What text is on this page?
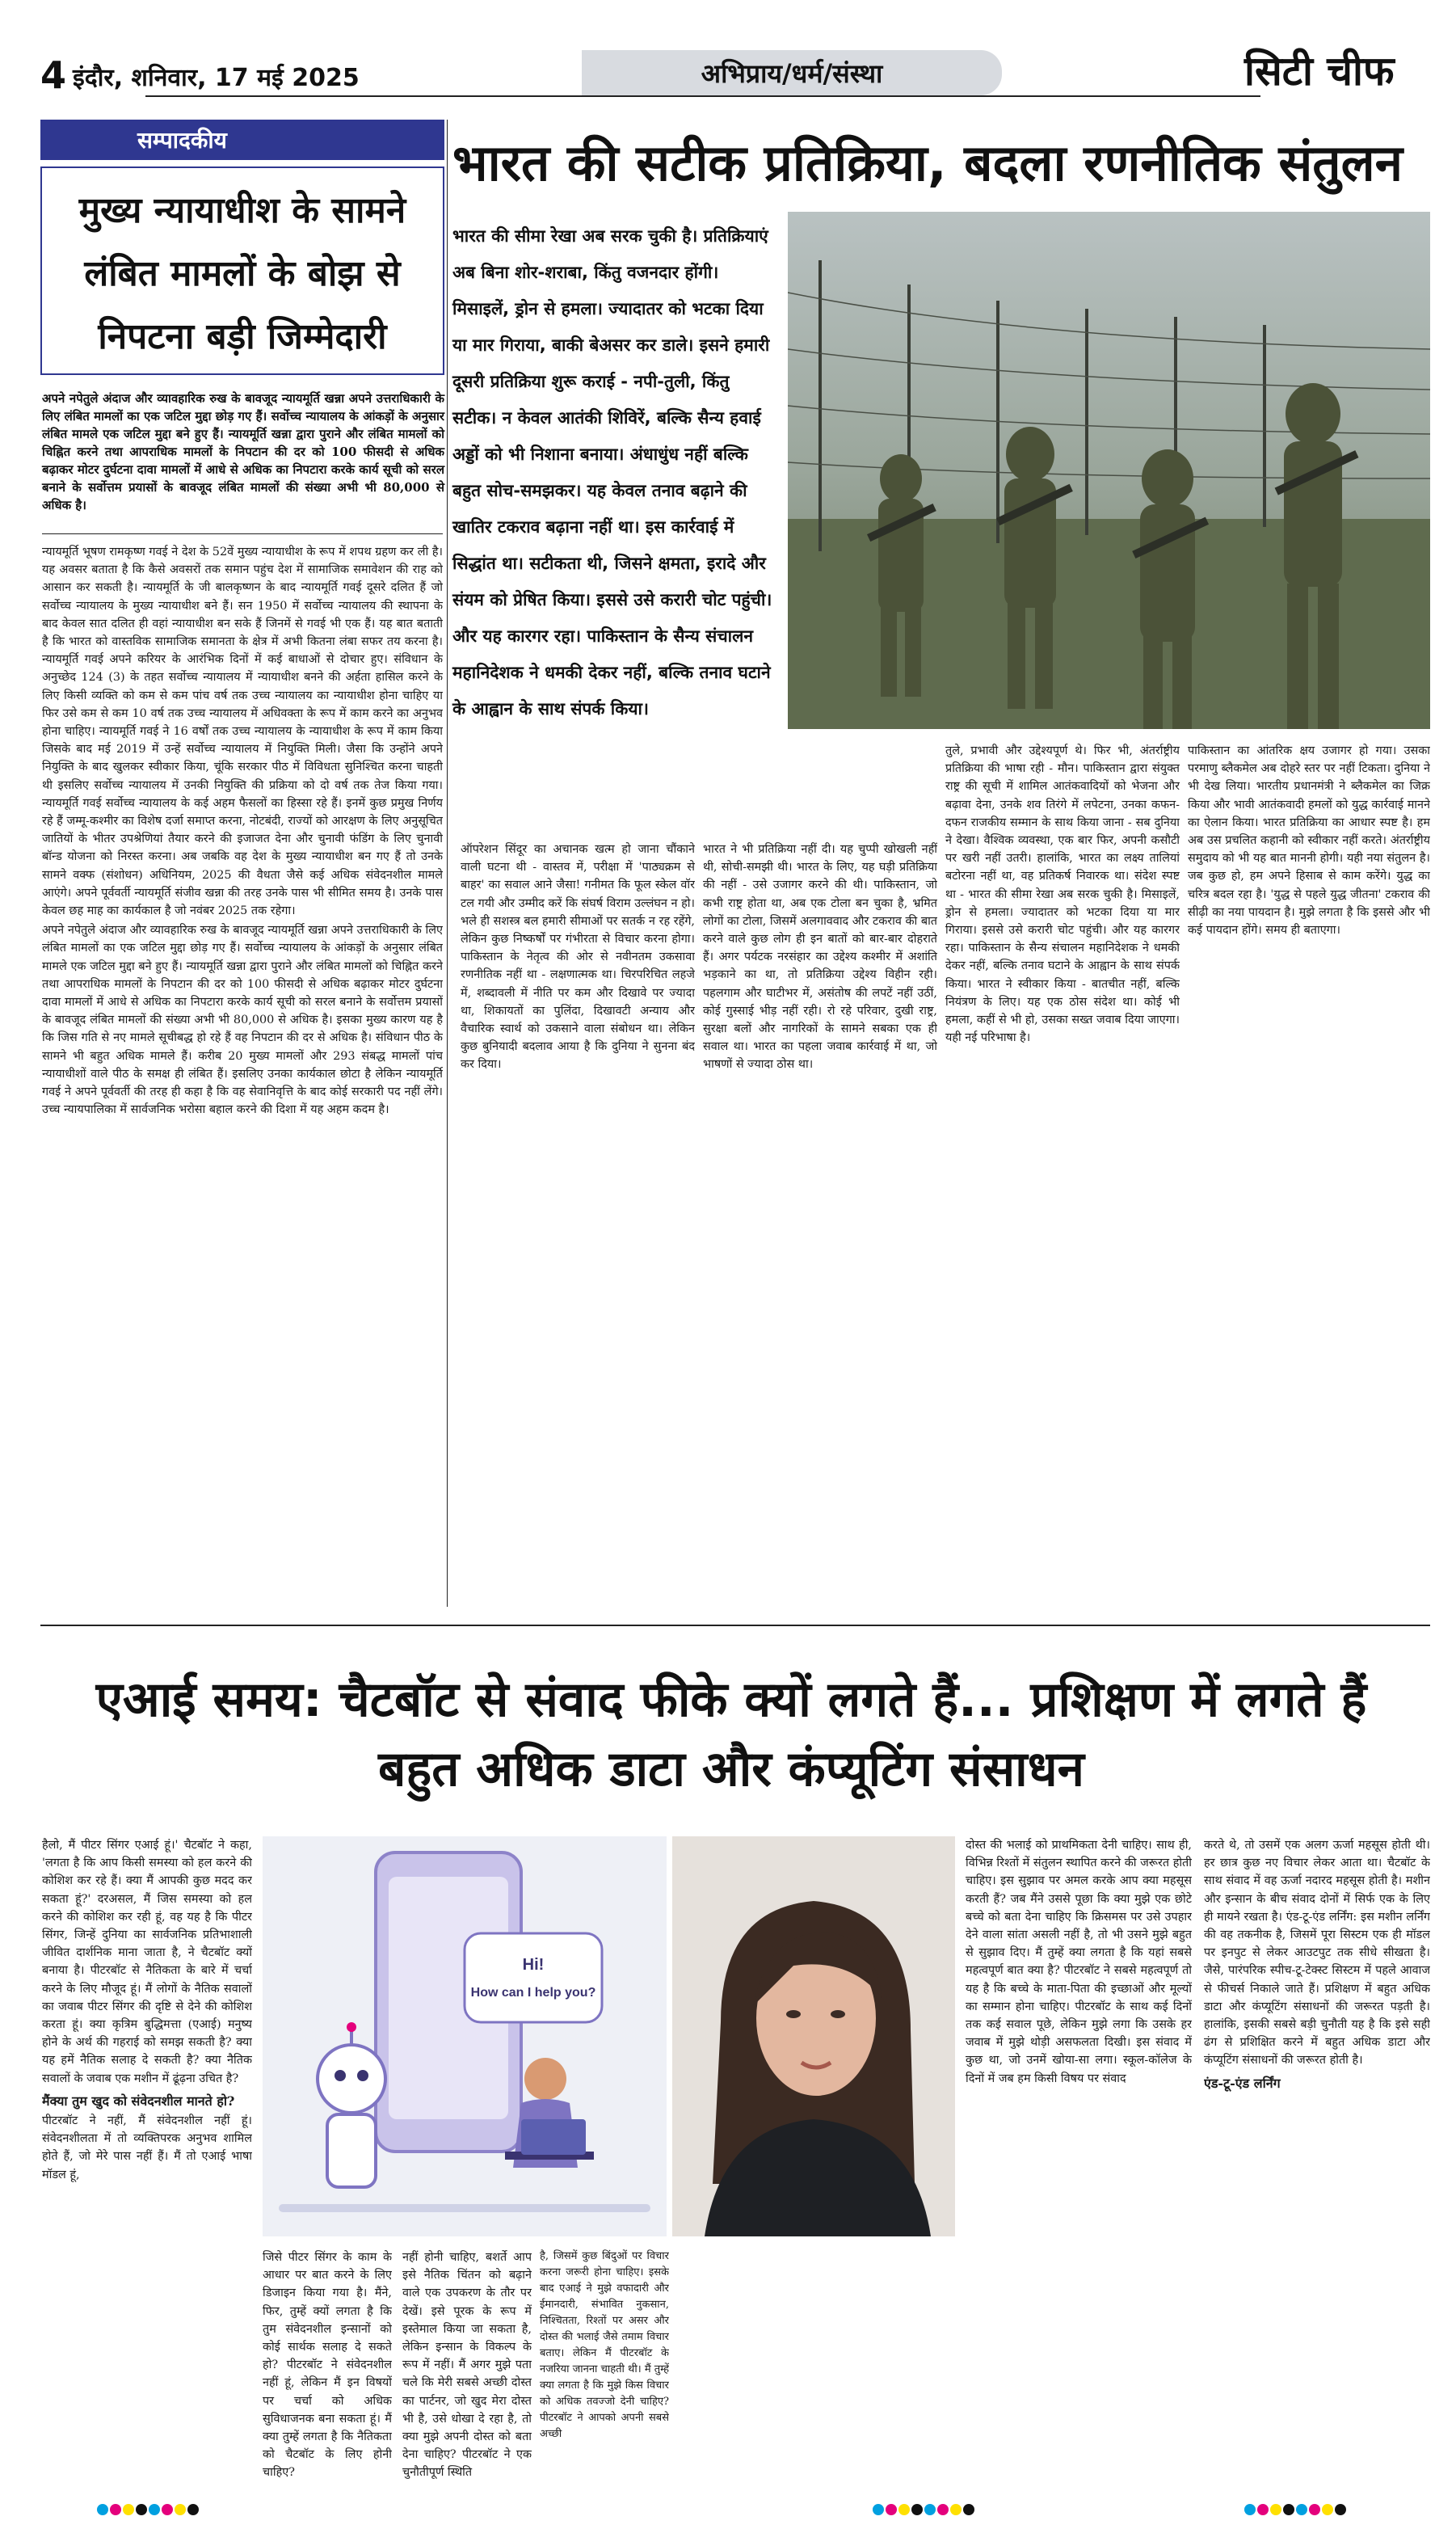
4 इंदौर, शनिवार, 17 मई 2025	अभिप्राय/धर्म/संस्था	सिटी चीफ
सम्पादकीय
मुख्य न्यायाधीश के सामने लंबित मामलों के बोझ से निपटना बड़ी जिम्मेदारी
अपने नपेतुले अंदाज और व्यावहारिक रुख के बावजूद न्यायमूर्ति खन्ना अपने उत्तराधिकारी के लिए लंबित मामलों का एक जटिल मुद्दा छोड़ गए हैं। सर्वोच्च न्यायालय के आंकड़ों के अनुसार लंबित मामले एक जटिल मुद्दा बने हुए हैं। न्यायमूर्ति खन्ना द्वारा पुराने और लंबित मामलों को चिह्नित करने तथा आपराधिक मामलों के निपटान की दर को 100 फीसदी से अधिक बढ़ाकर मोटर दुर्घटना दावा मामलों में आधे से अधिक का निपटारा करके कार्य सूची को सरल बनाने के सर्वोत्तम प्रयासों के बावजूद लंबित मामलों की संख्या अभी भी 80,000 से अधिक है।

न्यायमूर्ति भूषण रामकृष्ण गवई ने देश के 52वें मुख्य न्यायाधीश के रूप में शपथ ग्रहण कर ली है। यह अवसर बताता है कि कैसे अवसरों तक समान पहुंच देश में सामाजिक समावेशन की राह को आसान कर सकती है। न्यायमूर्ति के जी बालकृष्णन के बाद न्यायमूर्ति गवई दूसरे दलित हैं जो सर्वोच्च न्यायालय के मुख्य न्यायाधीश बने हैं। सन 1950 में सर्वोच्च न्यायालय की स्थापना के बाद केवल सात दलित ही वहां न्यायाधीश बन सके हैं जिनमें से गवई भी एक हैं। यह बात बताती है कि भारत को वास्तविक सामाजिक समानता के क्षेत्र में अभी कितना लंबा सफर तय करना है। न्यायमूर्ति गवई अपने करियर के आरंभिक दिनों में कई बाधाओं से दोचार हुए। संविधान के अनुच्छेद 124 (3) के तहत सर्वोच्च न्यायालय में न्यायाधीश बनने की अर्हता हासिल करने के लिए किसी व्यक्ति को कम से कम पांच वर्ष तक उच्च न्यायालय का न्यायाधीश होना चाहिए या फिर उसे कम से कम 10 वर्ष तक उच्च न्यायालय में अधिवक्ता के रूप में काम करने का अनुभव होना चाहिए। न्यायमूर्ति गवई ने 16 वर्षों तक उच्च न्यायालय के न्यायाधीश के रूप में काम किया जिसके बाद मई 2019 में उन्हें सर्वोच्च न्यायालय में नियुक्ति मिली। जैसा कि उन्होंने अपने नियुक्ति के बाद खुलकर स्वीकार किया, चूंकि सरकार पीठ में विविधता सुनिश्चित करना चाहती थी इसलिए सर्वोच्च न्यायालय में उनकी नियुक्ति की प्रक्रिया को दो वर्ष तक तेज किया गया। न्यायमूर्ति गवई सर्वोच्च न्यायालय के कई अहम फैसलों का हिस्सा रहे हैं। इनमें कुछ प्रमुख निर्णय रहे हैं जम्मू-कश्मीर का विशेष दर्जा समाप्त करना, नोटबंदी, राज्यों को आरक्षण के लिए अनुसूचित जातियों के भीतर उपश्रेणियां तैयार करने की इजाजत देना और चुनावी फंडिंग के लिए चुनावी बॉन्ड योजना को निरस्त करना। अब जबकि वह देश के मुख्य न्यायाधीश बन गए हैं तो उनके सामने वक्फ (संशोधन) अधिनियम, 2025 की वैधता जैसे कई अधिक संवेदनशील मामले आएंगे। अपने पूर्ववर्ती न्यायमूर्ति संजीव खन्ना की तरह उनके पास भी सीमित समय है। उनके पास केवल छह माह का कार्यकाल है जो नवंबर 2025 तक रहेगा।

अपने नपेतुले अंदाज और व्यावहारिक रुख के बावजूद न्यायमूर्ति खन्ना अपने उत्तराधिकारी के लिए लंबित मामलों का एक जटिल मुद्दा छोड़ गए हैं। सर्वोच्च न्यायालय के आंकड़ों के अनुसार लंबित मामले एक जटिल मुद्दा बने हुए हैं। न्यायमूर्ति खन्ना द्वारा पुराने और लंबित मामलों को चिह्नित करने तथा आपराधिक मामलों के निपटान की दर को 100 फीसदी से अधिक बढ़ाकर मोटर दुर्घटना दावा मामलों में आधे से अधिक का निपटारा करके कार्य सूची को सरल बनाने के सर्वोत्तम प्रयासों के बावजूद लंबित मामलों की संख्या अभी भी 80,000 से अधिक है। इसका मुख्य कारण यह है कि जिस गति से नए मामले सूचीबद्ध हो रहे हैं वह निपटान की दर से अधिक है। संविधान पीठ के सामने भी बहुत अधिक मामले हैं। करीब 20 मुख्य मामलों और 293 संबद्ध मामलों पांच न्यायाधीशों वाले पीठ के समक्ष ही लंबित हैं। इसलिए उनका कार्यकाल छोटा है लेकिन न्यायमूर्ति गवई ने अपने पूर्ववर्ती की तरह ही कहा है कि वह सेवानिवृत्ति के बाद कोई सरकारी पद नहीं लेंगे। उच्च न्यायपालिका में सार्वजनिक भरोसा बहाल करने की दिशा में यह अहम कदम है।

भारत की सटीक प्रतिक्रिया, बदला रणनीतिक संतुलन
भारत की सीमा रेखा अब सरक चुकी है। प्रतिक्रियाएं अब बिना शोर-शराबा, किंतु वजनदार होंगी। मिसाइलें, ड्रोन से हमला। ज्यादातर को भटका दिया या मार गिराया, बाकी बेअसर कर डाले। इसने हमारी दूसरी प्रतिक्रिया शुरू कराई - नपी-तुली, किंतु सटीक। न केवल आतंकी शिविरें, बल्कि सैन्य हवाई अड्डों को भी निशाना बनाया। अंधाधुंध नहीं बल्कि बहुत सोच-समझकर। यह केवल तनाव बढ़ाने की खातिर टकराव बढ़ाना नहीं था। इस कार्रवाई में सिद्धांत था। सटीकता थी, जिसने क्षमता, इरादे और संयम को प्रेषित किया। इससे उसे करारी चोट पहुंची। और यह कारगर रहा। पाकिस्तान के सैन्य संचालन महानिदेशक ने धमकी देकर नहीं, बल्कि तनाव घटाने के आह्वान के साथ संपर्क किया।
ऑपरेशन सिंदूर का अचानक खत्म हो जाना चौंकाने वाली घटना थी - वास्तव में, परीक्षा में 'पाठ्यक्रम से बाहर' का सवाल आने जैसा! गनीमत कि फूल स्केल वॉर टल गयी और उम्मीद करें कि संघर्ष विराम उल्लंघन न हो। भले ही सशस्त्र बल हमारी सीमाओं पर सतर्क न रह रहेंगे, लेकिन कुछ निष्कर्षों पर गंभीरता से विचार करना होगा। पाकिस्तान के नेतृत्व की ओर से नवीनतम उकसावा रणनीतिक नहीं था - लक्षणात्मक था। चिरपरिचित लहजे में, शब्दावली में नीति पर कम और दिखावे पर ज्यादा था, शिकायतों का पुलिंदा, दिखावटी अन्याय और वैचारिक स्वार्थ को उकसाने वाला संबोधन था। लेकिन कुछ बुनियादी बदलाव आया है कि दुनिया ने सुनना बंद कर दिया।
भारत ने भी प्रतिक्रिया नहीं दी। यह चुप्पी खोखली नहीं थी, सोची-समझी थी। भारत के लिए, यह घड़ी प्रतिक्रिया की नहीं - उसे उजागर करने की थी। पाकिस्तान, जो कभी राष्ट्र होता था, अब एक टोला बन चुका है, भ्रमित लोगों का टोला, जिसमें अलगाववाद और टकराव की बात करने वाले कुछ लोग ही इन बातों को बार-बार दोहराते हैं। अगर पर्यटक नरसंहार का उद्देश्य कश्मीर में अशांति भड़काने का था, तो प्रतिक्रिया उद्देश्य विहीन रही। पहलगाम और घाटीभर में, असंतोष की लपटें नहीं उठीं, कोई गुस्साई भीड़ नहीं रही। रो रहे परिवार, दुखी राष्ट्र, सुरक्षा बलों और नागरिकों के सामने सबका एक ही सवाल था। भारत का पहला जवाब कार्रवाई में था, जो भाषणों से ज्यादा ठोस था।
तुले, प्रभावी और उद्देश्यपूर्ण थे। फिर भी, अंतर्राष्ट्रीय प्रतिक्रिया की भाषा रही - मौन। पाकिस्तान द्वारा संयुक्त राष्ट्र की सूची में शामिल आतंकवादियों को भेजना और बढ़ावा देना, उनके शव तिरंगे में लपेटना, उनका कफन-दफन राजकीय सम्मान के साथ किया जाना - सब दुनिया ने देखा। वैश्विक व्यवस्था, एक बार फिर, अपनी कसौटी पर खरी नहीं उतरी। हालांकि, भारत का लक्ष्य तालियां बटोरना नहीं था, वह प्रतिकर्ष निवारक था। संदेश स्पष्ट था - भारत की सीमा रेखा अब सरक चुकी है। मिसाइलें, ड्रोन से हमला। ज्यादातर को भटका दिया या मार गिराया। इससे उसे करारी चोट पहुंची। और यह कारगर रहा। पाकिस्तान के सैन्य संचालन महानिदेशक ने धमकी देकर नहीं, बल्कि तनाव घटाने के आह्वान के साथ संपर्क किया। भारत ने स्वीकार किया - बातचीत नहीं, बल्कि नियंत्रण के लिए। यह एक ठोस संदेश था। कोई भी हमला, कहीं से भी हो, उसका सख्त जवाब दिया जाएगा। यही नई परिभाषा है।
पाकिस्तान का आंतरिक क्षय उजागर हो गया। उसका परमाणु ब्लैकमेल अब दोहरे स्तर पर नहीं टिकता। दुनिया ने भी देख लिया। भारतीय प्रधानमंत्री ने ब्लैकमेल का जिक्र किया और भावी आतंकवादी हमलों को युद्ध कार्रवाई मानने का ऐलान किया। भारत प्रतिक्रिया का आधार स्पष्ट है। हम अब उस प्रचलित कहानी को स्वीकार नहीं करते। अंतर्राष्ट्रीय समुदाय को भी यह बात माननी होगी। यही नया संतुलन है। जब कुछ हो, हम अपने हिसाब से काम करेंगे। युद्ध का चरित्र बदल रहा है। 'युद्ध से पहले युद्ध जीतना' टकराव की सीढ़ी का नया पायदान है। मुझे लगता है कि इससे और भी कई पायदान होंगे। समय ही बताएगा।
एआई समय: चैटबॉट से संवाद फीके क्यों लगते हैं... प्रशिक्षण में लगते हैं बहुत अधिक डाटा और कंप्यूटिंग संसाधन

हैलो, मैं पीटर सिंगर एआई हूं।' चैटबॉट ने कहा, 'लगता है कि आप किसी समस्या को हल करने की कोशिश कर रहे हैं। क्या मैं आपकी कुछ मदद कर सकता हूं?' दरअसल, मैं जिस समस्या को हल करने की कोशिश कर रही हूं, वह यह है कि पीटर सिंगर, जिन्हें दुनिया का सार्वजनिक प्रतिभाशाली जीवित दार्शनिक माना जाता है, ने चैटबॉट क्यों बनाया है। पीटरबॉट से नैतिकता के बारे में चर्चा करने के लिए मौजूद हूं। मैं लोगों के नैतिक सवालों का जवाब पीटर सिंगर की दृष्टि से देने की कोशिश करता हूं। क्या कृत्रिम बुद्धिमत्ता (एआई) मनुष्य होने के अर्थ की गहराई को समझ सकती है? क्या यह हमें नैतिक सलाह दे सकती है? क्या नैतिक सवालों के जवाब एक मशीन में ढूंढ़ना उचित है?

मैंक्या तुम खुद को संवेदनशील मानते हो?

पीटरबॉट ने नहीं, मैं संवेदनशील नहीं हूं। संवेदनशीलता में तो व्यक्तिपरक अनुभव शामिल होते हैं, जो मेरे पास नहीं हैं। मैं तो एआई भाषा मॉडल हूं,

Hi!
How can I help you?
जिसे पीटर सिंगर के काम के आधार पर बात करने के लिए डिजाइन किया गया है। मैंने, फिर, तुम्हें क्यों लगता है कि तुम संवेदनशील इन्सानों को कोई सार्थक सलाह दे सकते हो? पीटरबॉट ने संवेदनशील नहीं हूं, लेकिन मैं इन विषयों पर चर्चा को अधिक सुविधाजनक बना सकता हूं। मैं क्या तुम्हें लगता है कि नैतिकता को चैटबॉट के लिए होनी चाहिए?
नहीं होनी चाहिए, बशर्ते आप इसे नैतिक चिंतन को बढ़ाने वाले एक उपकरण के तौर पर देखें। इसे पूरक के रूप में इस्तेमाल किया जा सकता है, लेकिन इन्सान के विकल्प के रूप में नहीं। मैं अगर मुझे पता चले कि मेरी सबसे अच्छी दोस्त का पार्टनर, जो खुद मेरा दोस्त भी है, उसे धोखा दे रहा है, तो क्या मुझे अपनी दोस्त को बता देना चाहिए? पीटरबॉट ने एक चुनौतीपूर्ण स्थिति
है, जिसमें कुछ बिंदुओं पर विचार करना जरूरी होना चाहिए। इसके बाद एआई ने मुझे वफादारी और ईमानदारी, संभावित नुकसान, निश्चितता, रिश्तों पर असर और दोस्त की भलाई जैसे तमाम विचार बताए। लेकिन मैं पीटरबॉट के नजरिया जानना चाहती थी। मैं तुम्हें क्या लगता है कि मुझे किस विचार को अधिक तवज्जो देनी चाहिए? पीटरबॉट ने आपको अपनी सबसे अच्छी
दोस्त की भलाई को प्राथमिकता देनी चाहिए। साथ ही, विभिन्न रिश्तों में संतुलन स्थापित करने की जरूरत होती चाहिए। इस सुझाव पर अमल करके आप क्या महसूस करती हैं? जब मैंने उससे पूछा कि क्या मुझे एक छोटे बच्चे को बता देना चाहिए कि क्रिसमस पर उसे उपहार देने वाला सांता असली नहीं है, तो भी उसने मुझे बहुत से सुझाव दिए। मैं तुम्हें क्या लगता है कि यहां सबसे महत्वपूर्ण बात क्या है? पीटरबॉट ने सबसे महत्वपूर्ण तो यह है कि बच्चे के माता-पिता की इच्छाओं और मूल्यों का सम्मान होना चाहिए। पीटरबॉट के साथ कई दिनों तक कई सवाल पूछे, लेकिन मुझे लगा कि उसके हर जवाब में मुझे थोड़ी असफलता दिखी। इस संवाद में कुछ था, जो उनमें खोया-सा लगा। स्कूल-कॉलेज के दिनों में जब हम किसी विषय पर संवाद

करते थे, तो उसमें एक अलग ऊर्जा महसूस होती थी। हर छात्र कुछ नए विचार लेकर आता था। चैटबॉट के साथ संवाद में वह ऊर्जा नदारद महसूस होती है। मशीन और इन्सान के बीच संवाद दोनों में सिर्फ एक के लिए ही मायने रखता है। एंड-टू-एंड लर्निंग: इस मशीन लर्निंग की वह तकनीक है, जिसमें पूरा सिस्टम एक ही मॉडल पर इनपुट से लेकर आउटपुट तक सीधे सीखता है। जैसे, पारंपरिक स्पीच-टू-टेक्स्ट सिस्टम में पहले आवाज से फीचर्स निकाले जाते हैं। प्रशिक्षण में बहुत अधिक डाटा और कंप्यूटिंग संसाधनों की जरूरत पड़ती है। हालांकि, इसकी सबसे बड़ी चुनौती यह है कि इसे सही ढंग से प्रशिक्षित करने में बहुत अधिक डाटा और कंप्यूटिंग संसाधनों की जरूरत होती है।

एंड-टू-एंड लर्निंग
